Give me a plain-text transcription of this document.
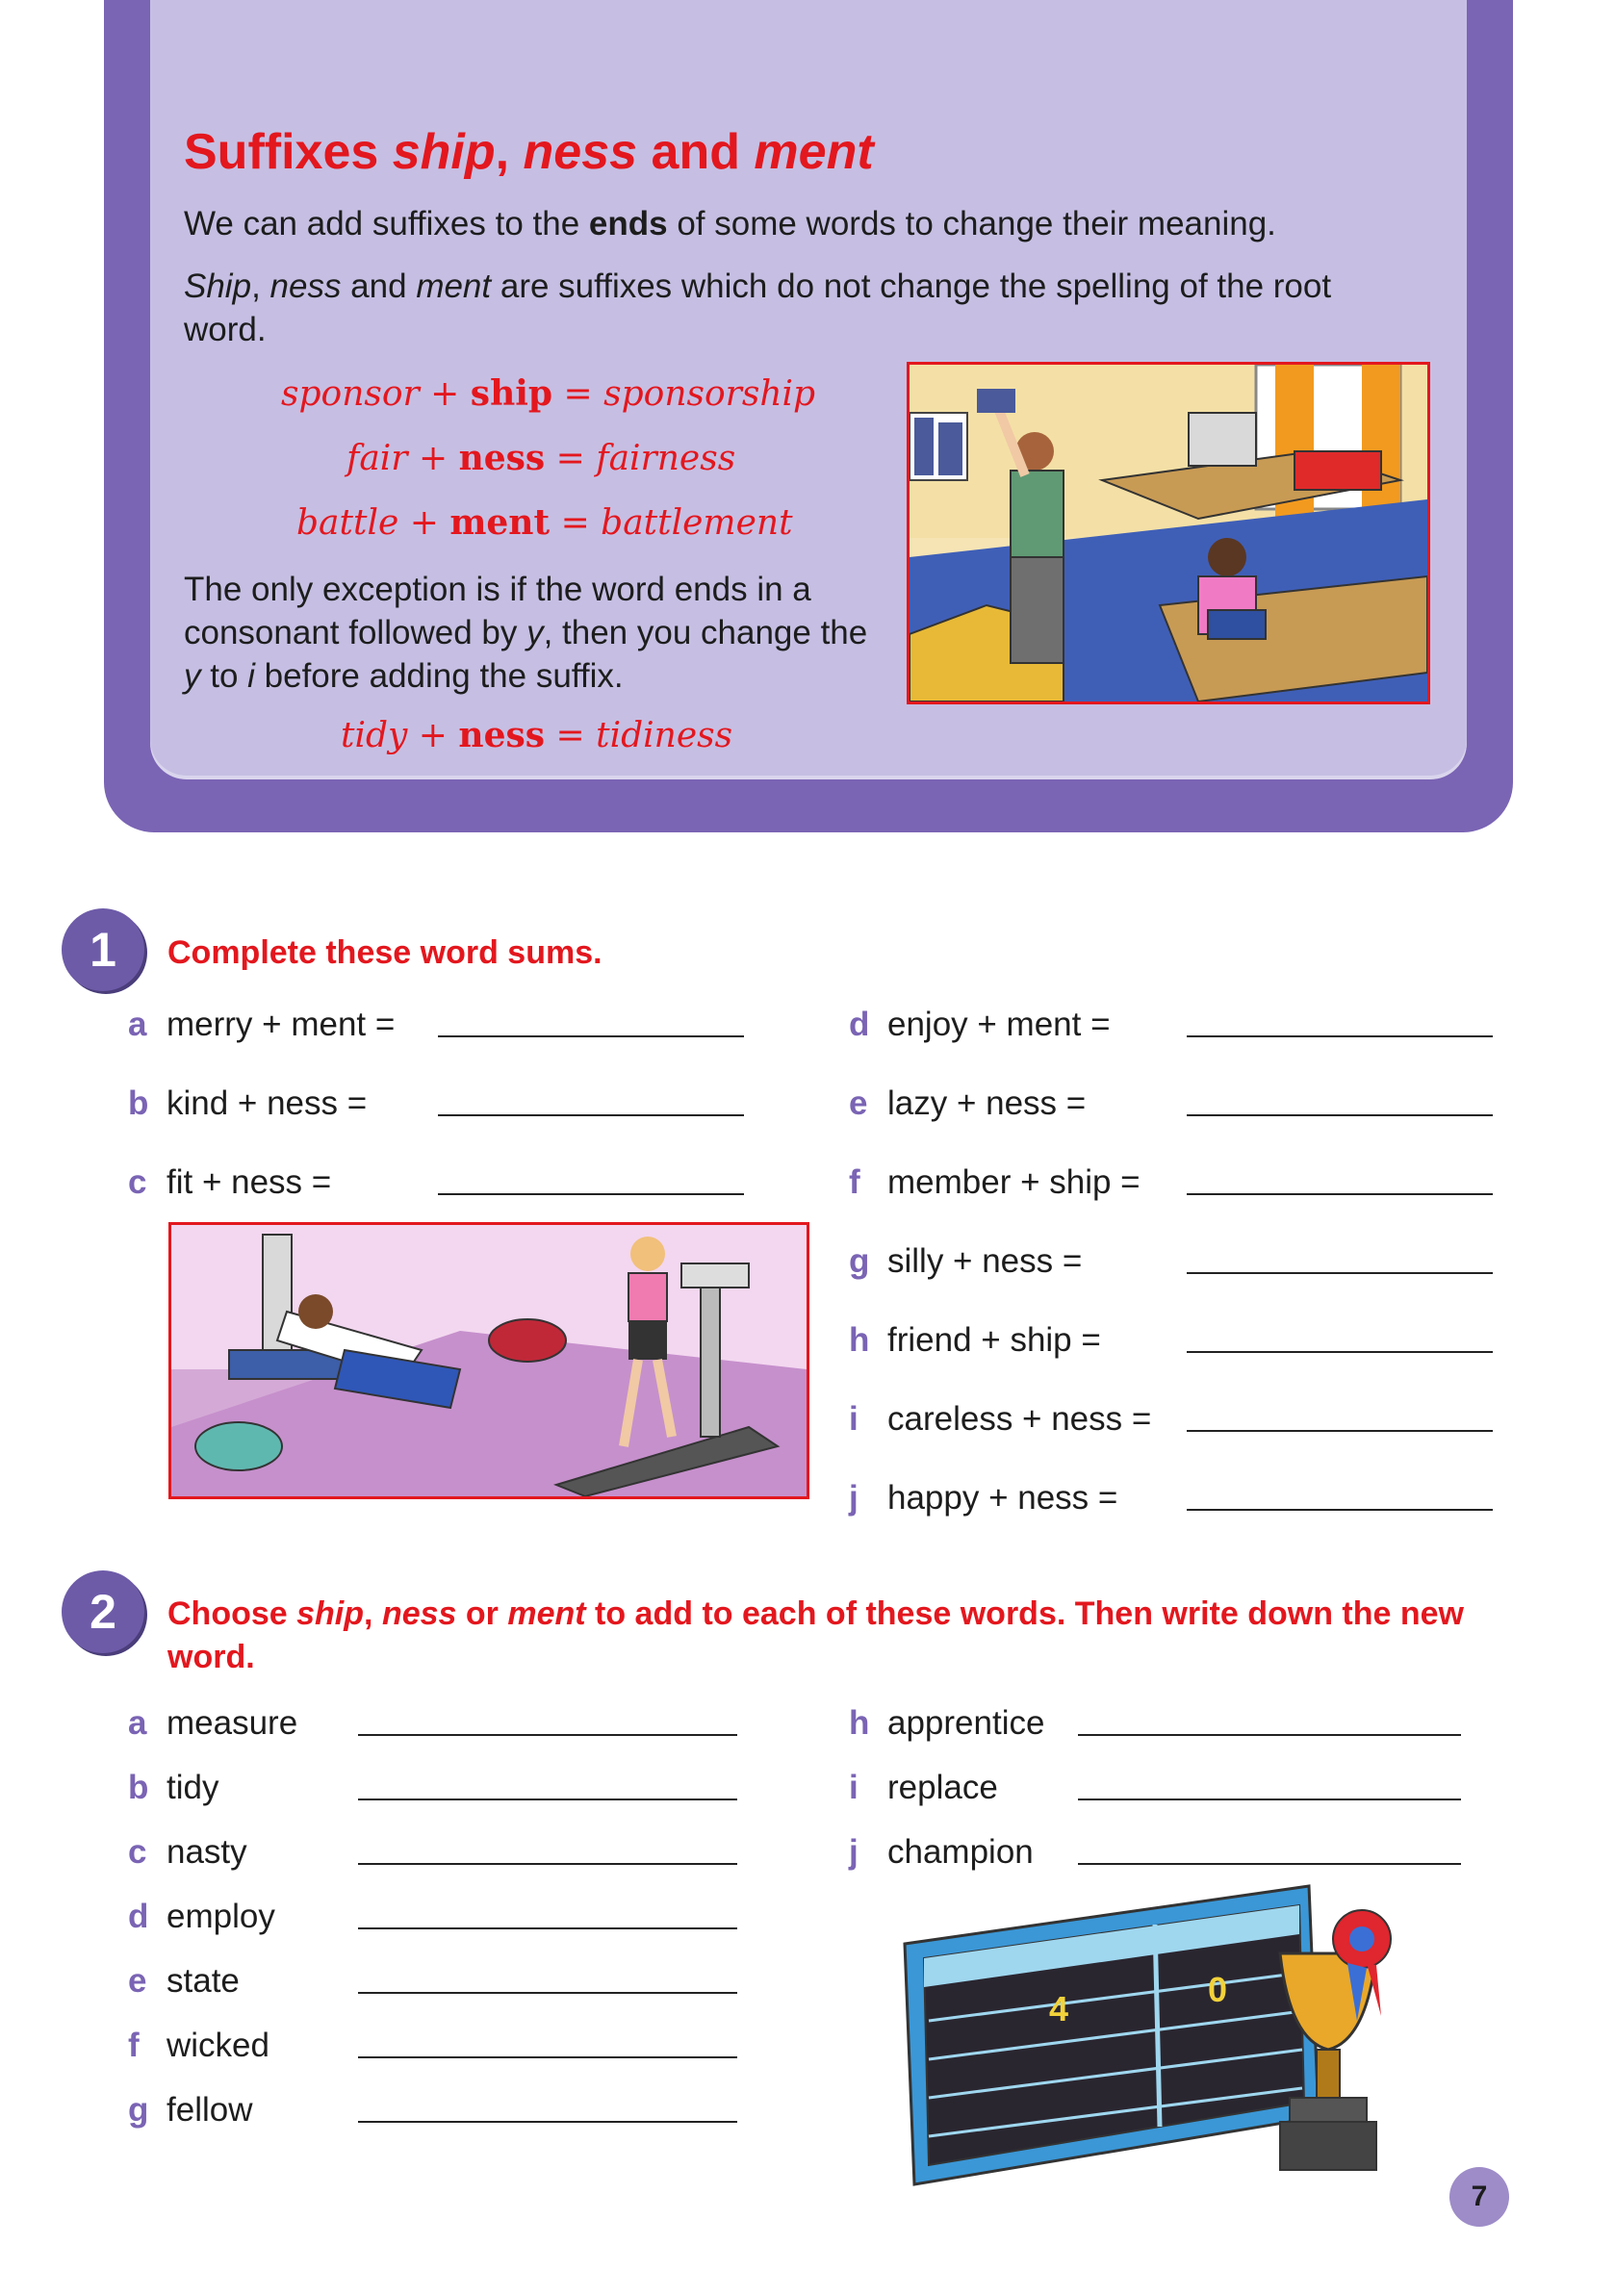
Suffixes ship, ness and ment

We can add suffixes to the ends of some words to change their meaning.

Ship, ness and ment are suffixes which do not change the spelling of the root word.

sponsor + ship = sponsorship
fair + ness = fairness
battle + ment = battlement

The only exception is if the word ends in a consonant followed by y, then you change the y to i before adding the suffix.

tidy + ness = tidiness
1	Complete these word sums.
a merry + ment =
b kind + ness =
c fit + ness =
d enjoy + ment =
e lazy + ness =
f member + ship =
g silly + ness =
h friend + ship =
i careless + ness =
j happy + ness =
2	Choose ship, ness or ment to add to each of these words. Then write down the new word.
a measure
b tidy
c nasty
d employ
e state
f wicked
g fellow
h apprentice
i replace
j champion
4	0
7
